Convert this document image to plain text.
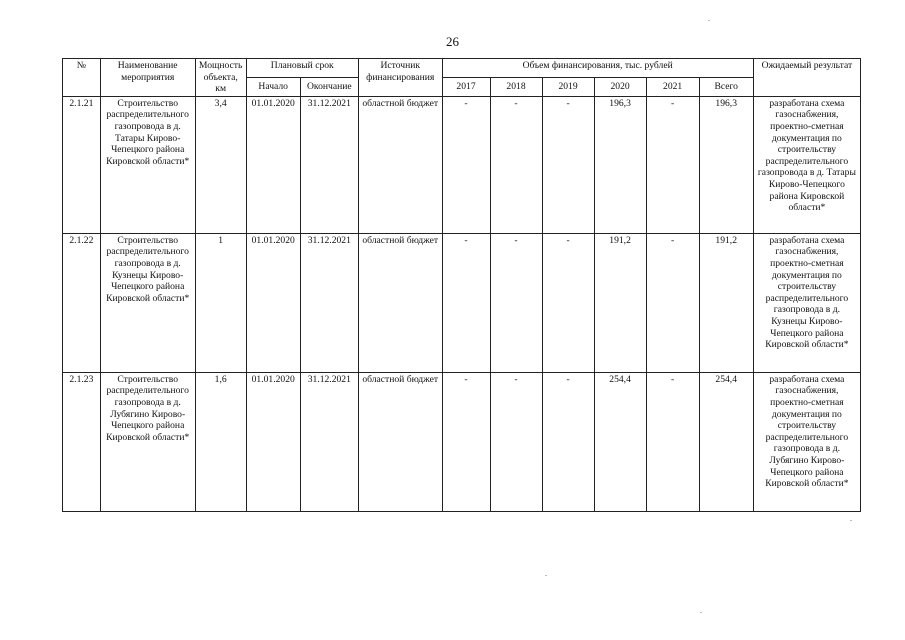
26
№	Наименование мероприятия	Мощность объекта, км	Плановый срок		Источник финансирования	Объем финансирования, тыс. рублей						Ожидаемый результат
			Начало	Окончание		2017	2018	2019	2020	2021	Всего	
2.1.21	Строительство распределительного газопровода в д. Татары Кирово-Чепецкого района Кировской области*	3,4	01.01.2020	31.12.2021	областной бюджет	-	-	-	196,3	-	196,3	разработана схема газоснабжения, проектно-сметная документация по строительству распределительного газопровода в д. Татары Кирово-Чепецкого района Кировской области*
2.1.22	Строительство распределительного газопровода в д. Кузнецы Кирово-Чепецкого района Кировской области*	1	01.01.2020	31.12.2021	областной бюджет	-	-	-	191,2	-	191,2	разработана схема газоснабжения, проектно-сметная документация по строительству распределительного газопровода в д. Кузнецы Кирово-Чепецкого района Кировской области*
2.1.23	Строительство распределительного газопровода в д. Лубягино Кирово-Чепецкого района Кировской области*	1,6	01.01.2020	31.12.2021	областной бюджет	-	-	-	254,4	-	254,4	разработана схема газоснабжения, проектно-сметная документация по строительству распределительного газопровода в д. Лубягино Кирово-Чепецкого района Кировской области*
